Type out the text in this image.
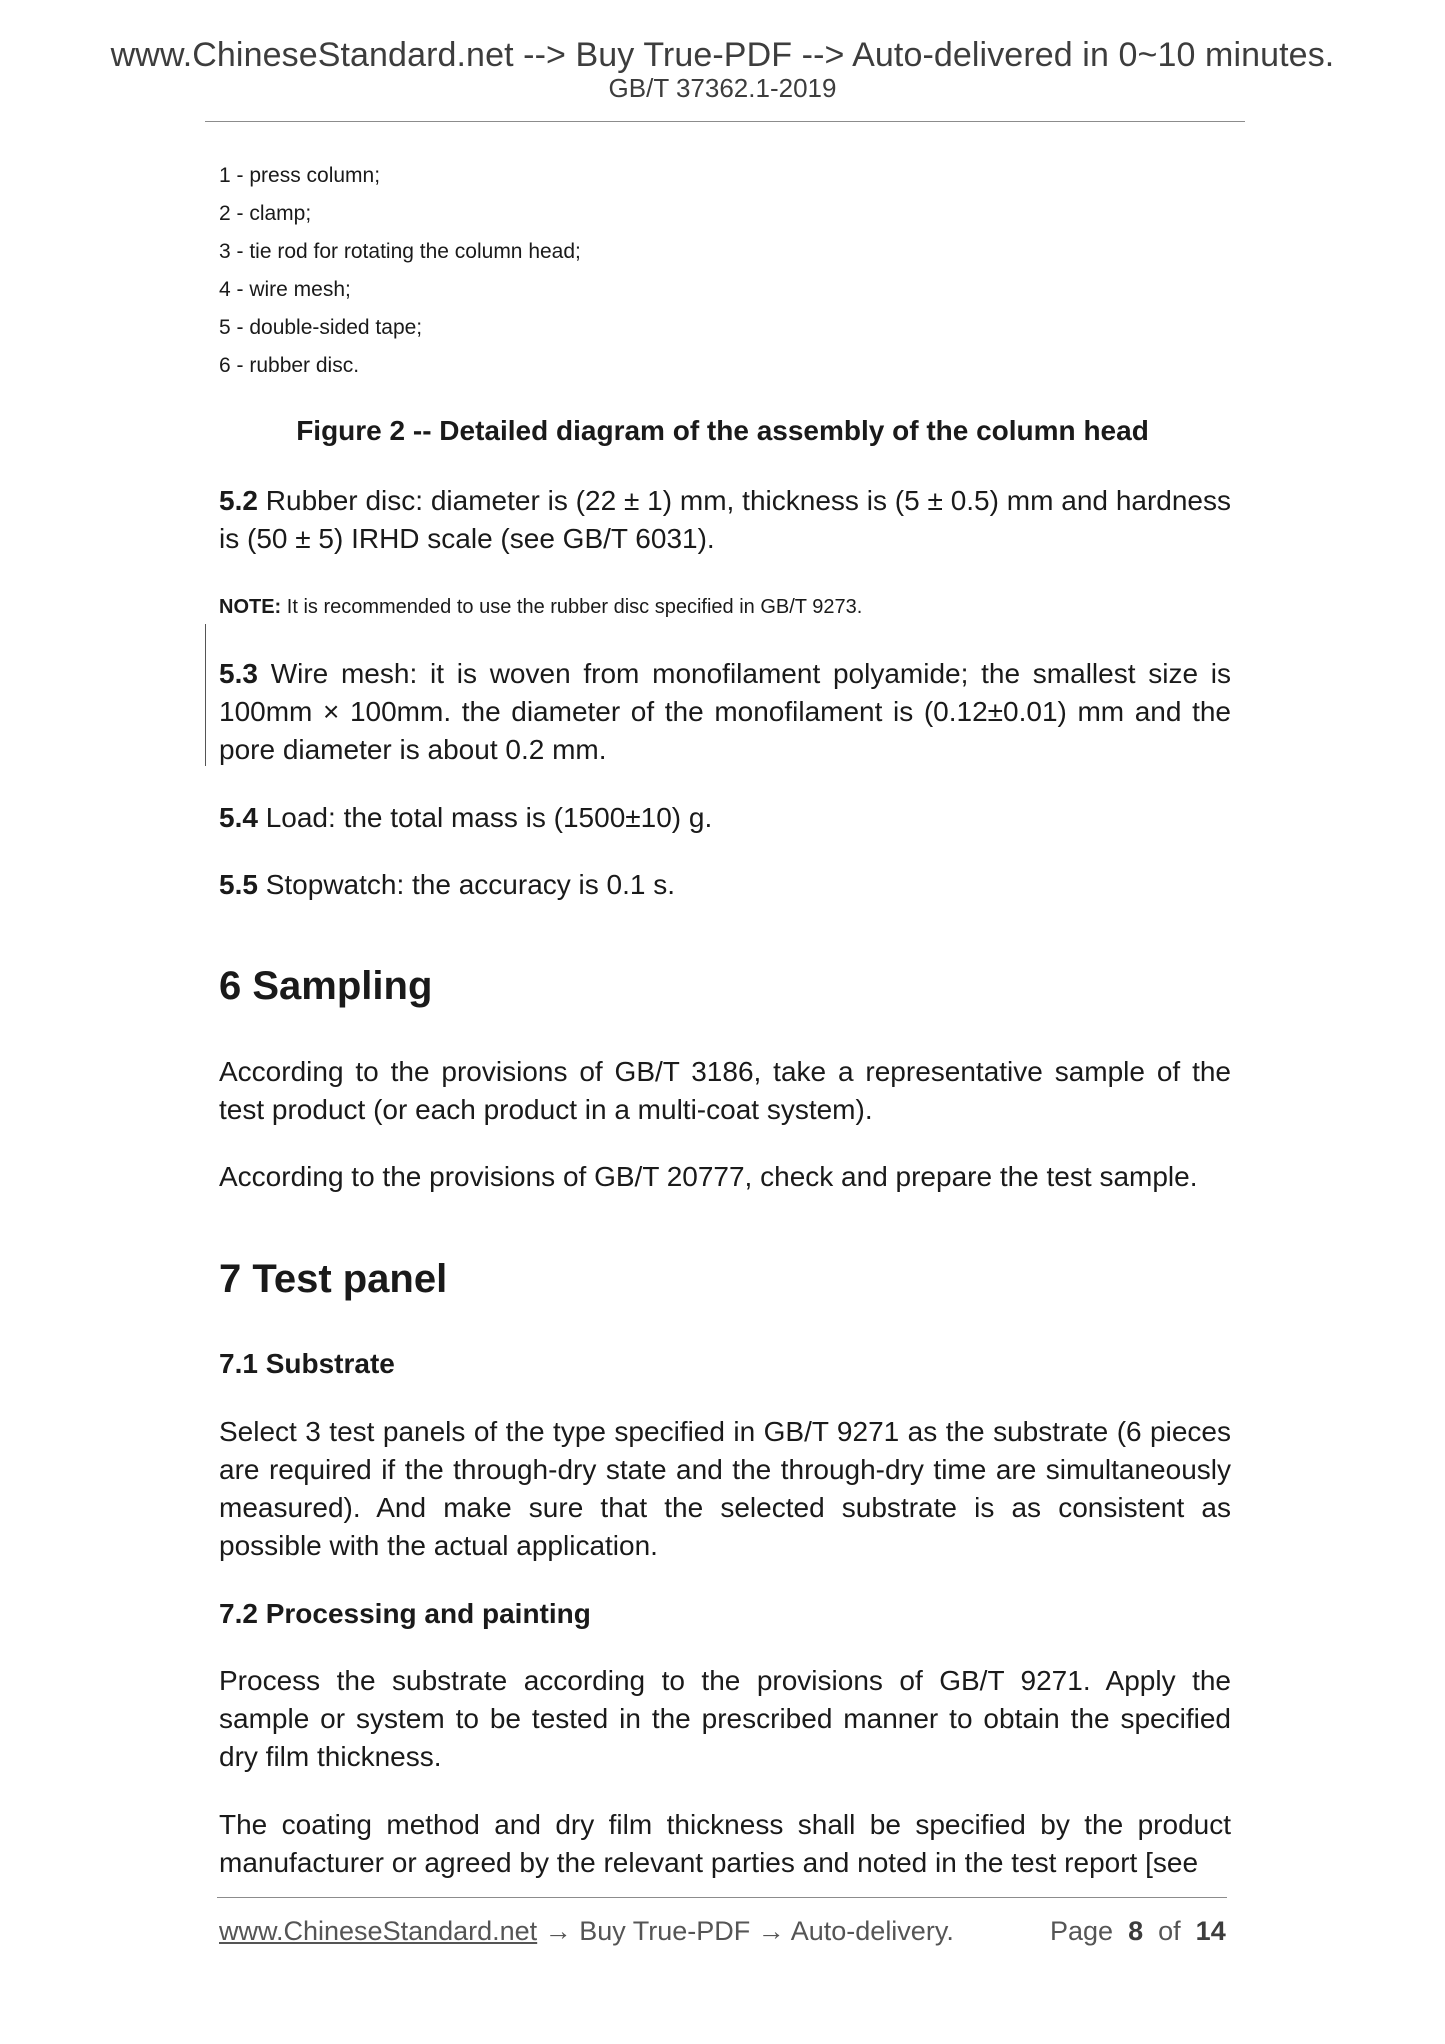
www.ChineseStandard.net --> Buy True-PDF --> Auto-delivered in 0~10 minutes.
GB/T 37362.1-2019
1 - press column;
2 - clamp;
3 - tie rod for rotating the column head;
4 - wire mesh;
5 - double-sided tape;
6 - rubber disc.
Figure 2 -- Detailed diagram of the assembly of the column head

5.2 Rubber disc: diameter is (22 ± 1) mm, thickness is (5 ± 0.5) mm and hardness is (50 ± 5) IRHD scale (see GB/T 6031).

NOTE: It is recommended to use the rubber disc specified in GB/T 9273.

5.3 Wire mesh: it is woven from monofilament polyamide; the smallest size is 100mm × 100mm. the diameter of the monofilament is (0.12±0.01) mm and the pore diameter is about 0.2 mm.

5.4 Load: the total mass is (1500±10) g.

5.5 Stopwatch: the accuracy is 0.1 s.

6 Sampling

According to the provisions of GB/T 3186, take a representative sample of the test product (or each product in a multi-coat system).

According to the provisions of GB/T 20777, check and prepare the test sample.

7 Test panel
7.1 Substrate

Select 3 test panels of the type specified in GB/T 9271 as the substrate (6 pieces are required if the through-dry state and the through-dry time are simultaneously measured). And make sure that the selected substrate is as consistent as possible with the actual application.

7.2 Processing and painting

Process the substrate according to the provisions of GB/T 9271. Apply the sample or system to be tested in the prescribed manner to obtain the specified dry film thickness.

The coating method and dry film thickness shall be specified by the product manufacturer or agreed by the relevant parties and noted in the test report [see

www.ChineseStandard.net → Buy True-PDF → Auto-delivery.	Page 8 of 14
